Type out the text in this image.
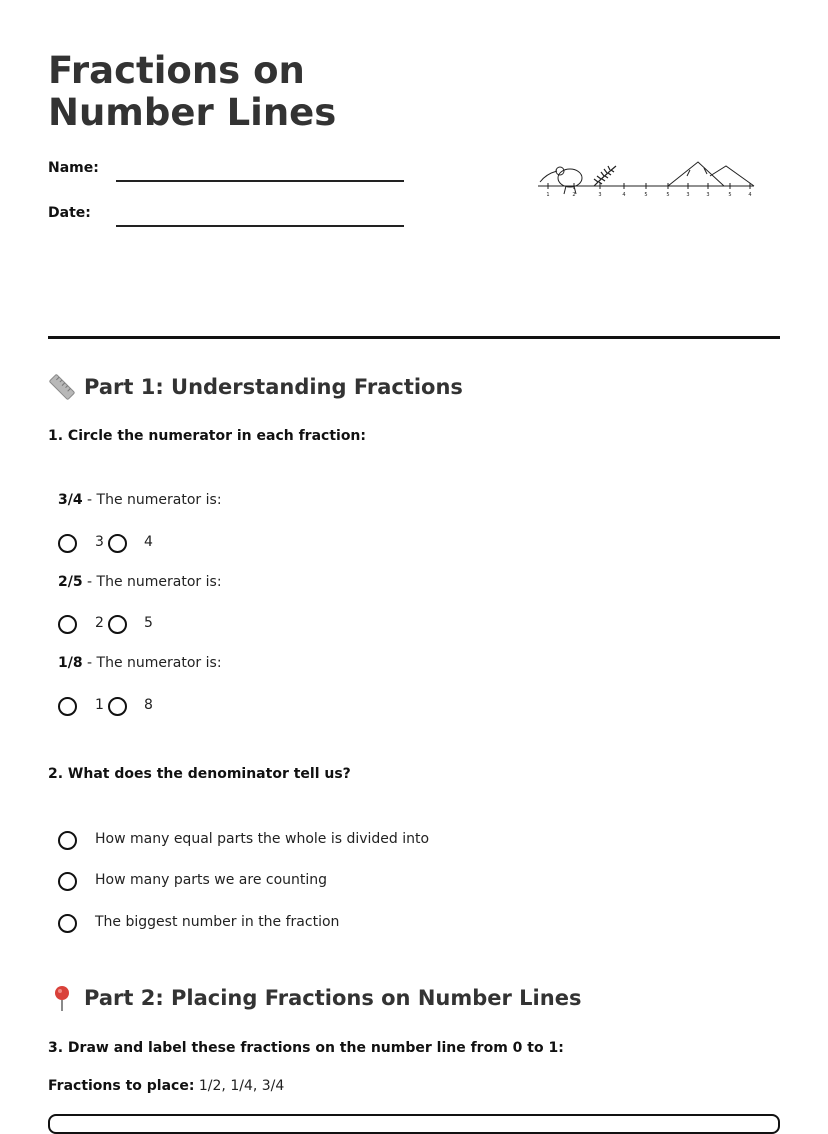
Fractions on Number Lines
Name:
Date:
1	2	3	4	5	5	3	3	5	4
Part 1: Understanding Fractions
1. Circle the numerator in each fraction:
3/4 - The numerator is:
3	4
2/5 - The numerator is:
2	5
1/8 - The numerator is:
1	8
2. What does the denominator tell us?
How many equal parts the whole is divided into
How many parts we are counting
The biggest number in the fraction
Part 2: Placing Fractions on Number Lines
3. Draw and label these fractions on the number line from 0 to 1:
Fractions to place: 1/2, 1/4, 3/4
